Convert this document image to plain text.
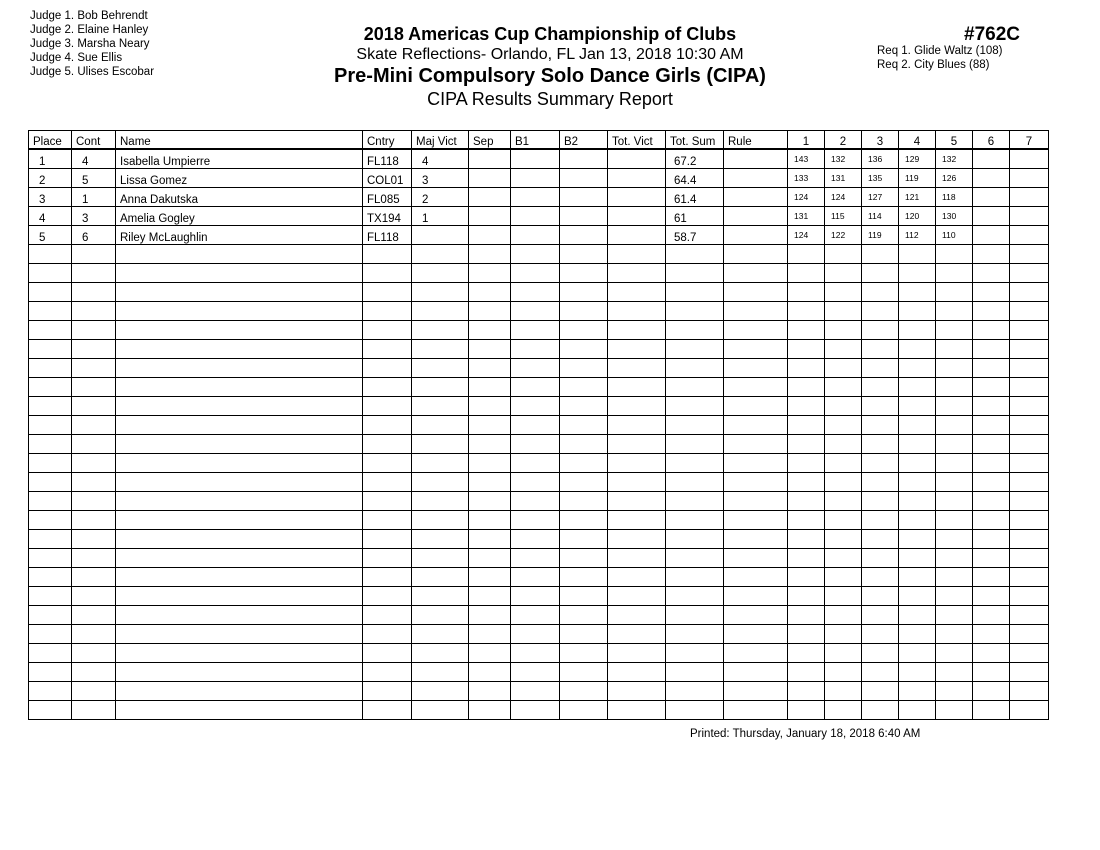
Judge 1. Bob Behrendt
Judge 2. Elaine Hanley
Judge 3. Marsha Neary
Judge 4. Sue Ellis
Judge 5. Ulises Escobar
2018 Americas Cup Championship of Clubs
Skate Reflections- Orlando, FL Jan 13, 2018 10:30 AM
Pre-Mini Compulsory Solo Dance Girls (CIPA)
CIPA Results Summary Report
#762C
Req 1. Glide Waltz (108)
Req 2. City Blues (88)
Place	Cont	Name	Cntry	Maj Vict	Sep	B1	B2	Tot. Vict	Tot. Sum	Rule	1	2	3	4	5	6	7
1	4	Isabella Umpierre	FL118	4					67.2		143	132	136	129	132		
2	5	Lissa Gomez	COL01	3					64.4		133	131	135	119	126		
3	1	Anna Dakutska	FL085	2					61.4		124	124	127	121	118		
4	3	Amelia Gogley	TX194	1					61		131	115	114	120	130		
5	6	Riley McLaughlin	FL118						58.7		124	122	119	112	110		

Printed: Thursday, January 18, 2018 6:40 AM
